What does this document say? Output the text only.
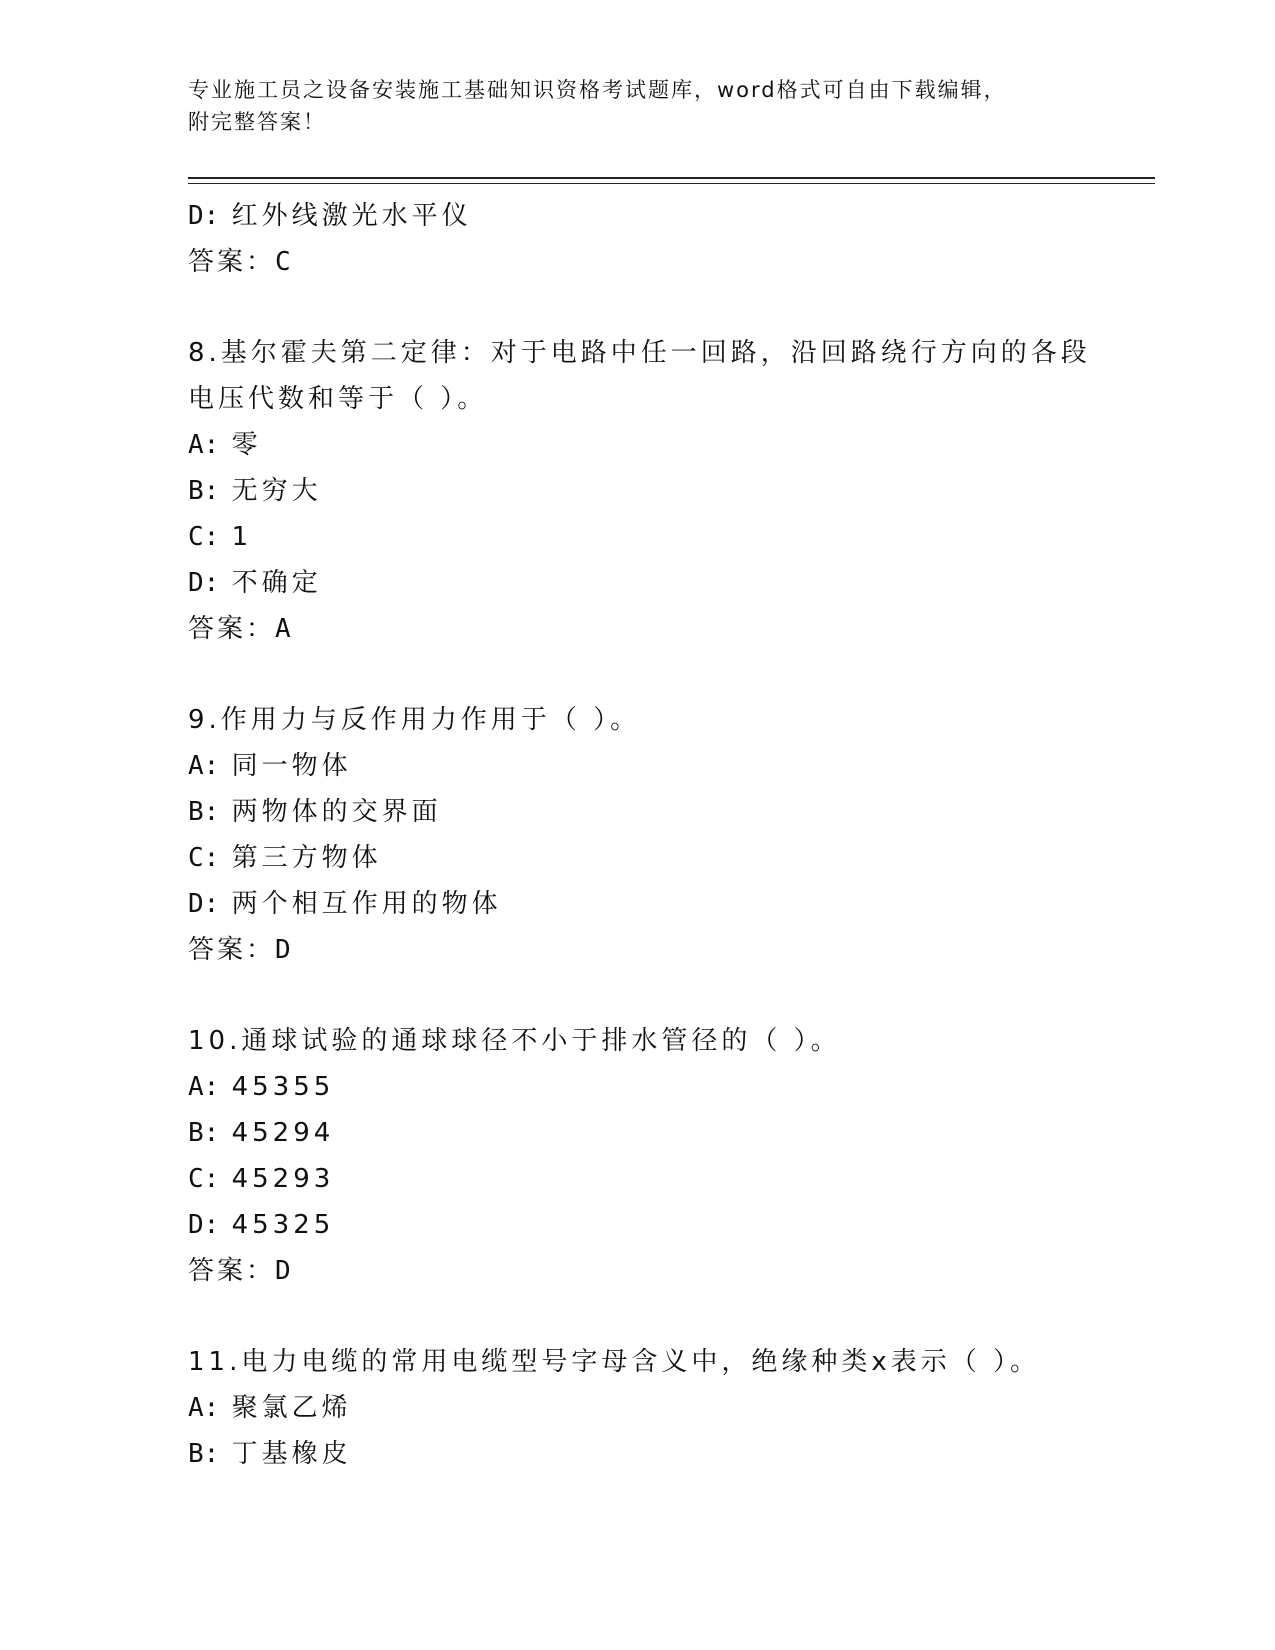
专业施工员之设备安装施工基础知识资格考试题库，word格式可自由下载编辑，
附完整答案！
D: 红外线激光水平仪
答案：C
8.基尔霍夫第二定律：对于电路中任一回路，沿回路绕行方向的各段
电压代数和等于（ ）。
A: 零
B: 无穷大
C: 1
D: 不确定
答案：A
9.作用力与反作用力作用于（ ）。
A: 同一物体
B: 两物体的交界面
C: 第三方物体
D: 两个相互作用的物体
答案：D
10.通球试验的通球球径不小于排水管径的（ ）。
A: 45355
B: 45294
C: 45293
D: 45325
答案：D
11.电力电缆的常用电缆型号字母含义中，绝缘种类x表示（ ）。
A: 聚氯乙烯
B: 丁基橡皮
